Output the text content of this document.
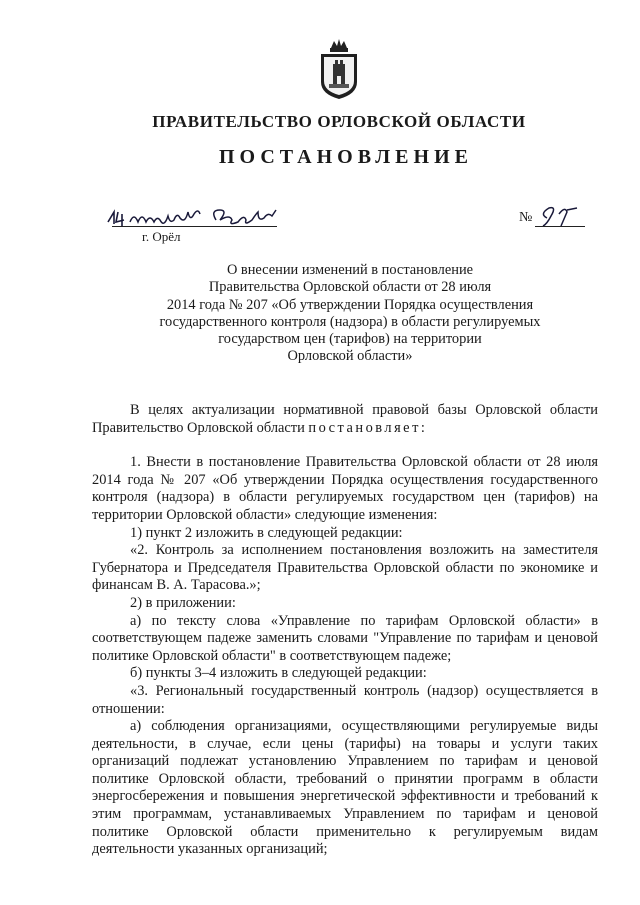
ПРАВИТЕЛЬСТВО ОРЛОВСКОЙ ОБЛАСТИ
ПОСТАНОВЛЕНИЕ
г. Орёл
№
О внесении изменений в постановление
Правительства Орловской области от 28 июля
2014 года № 207 «Об утверждении Порядка осуществления
государственного контроля (надзора) в области регулируемых
государством цен (тарифов) на территории
Орловской области»

В целях актуализации нормативной правовой базы Орловской области Правительство Орловской области постановляет:

1. Внести в постановление Правительства Орловской области от 28 июля 2014 года № 207 «Об утверждении Порядка осуществления государственного контроля (надзора) в области регулируемых государством цен (тарифов) на территории Орловской области» следующие изменения:

1) пункт 2 изложить в следующей редакции:

«2. Контроль за исполнением постановления возложить на заместителя Губернатора и Председателя Правительства Орловской области по экономике и финансам В. А. Тарасова.»;

2) в приложении:

а) по тексту слова «Управление по тарифам Орловской области» в соответствующем падеже заменить словами "Управление по тарифам и ценовой политике Орловской области" в соответствующем падеже;

б) пункты 3–4 изложить в следующей редакции:

«3. Региональный государственный контроль (надзор) осуществляется в отношении:

а) соблюдения организациями, осуществляющими регулируемые виды деятельности, в случае, если цены (тарифы) на товары и услуги таких организаций подлежат установлению Управлением по тарифам и ценовой политике Орловской области, требований о принятии программ в области энергосбережения и повышения энергетической эффективности и требований к этим программам, устанавливаемых Управлением по тарифам и ценовой политике Орловской области применительно к регулируемым видам деятельности указанных организаций;
